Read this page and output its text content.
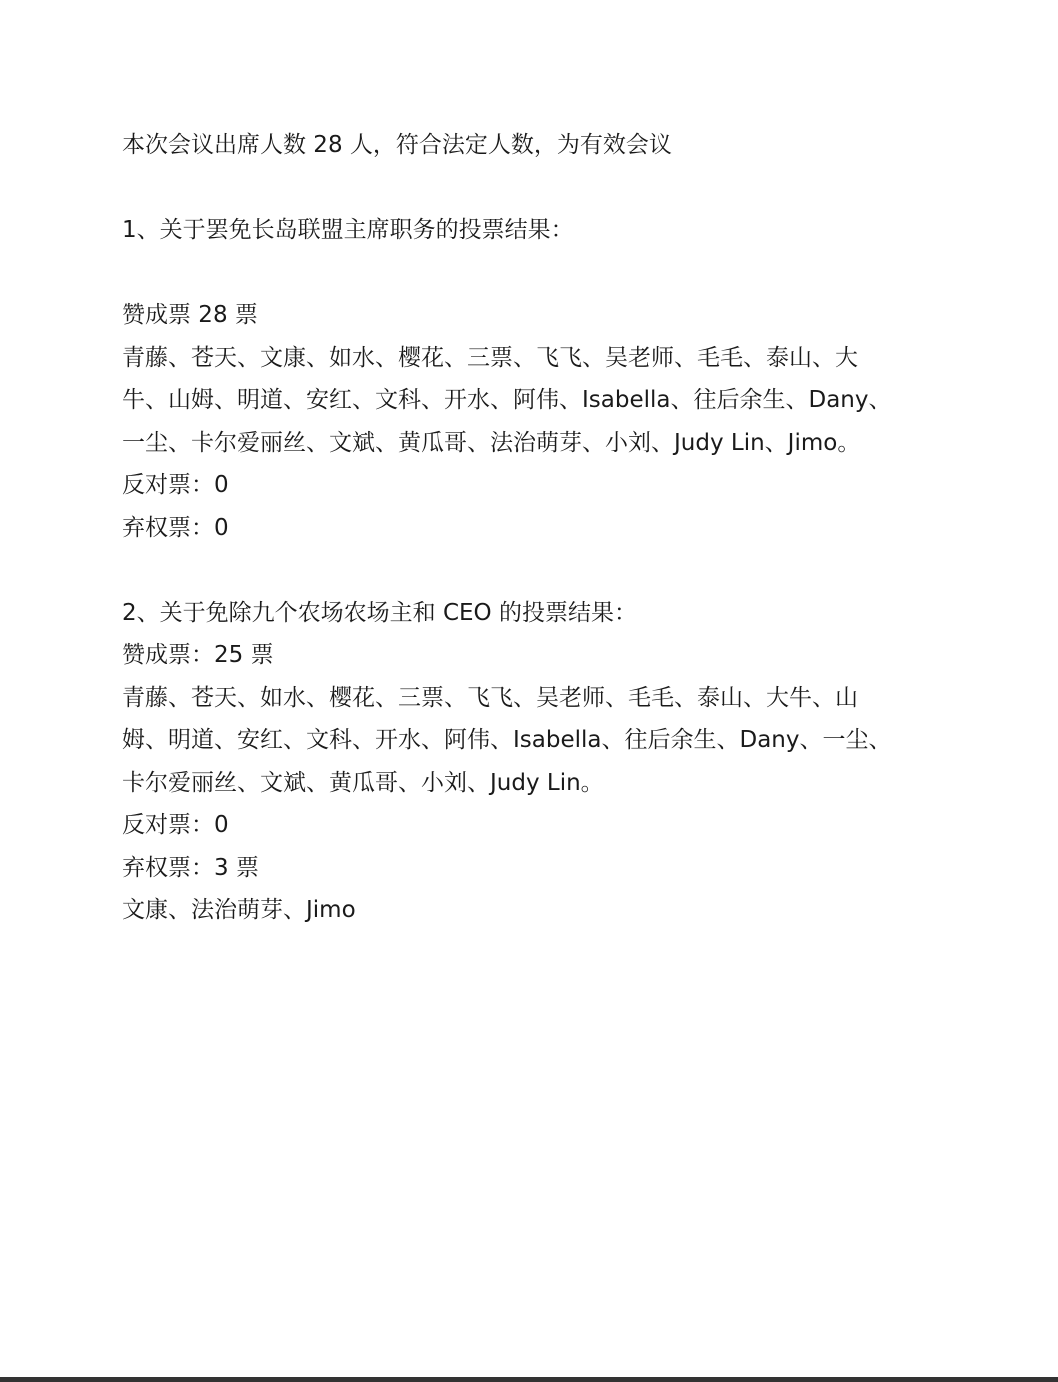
本次会议出席人数 28 人，符合法定人数，为有效会议

1、关于罢免长岛联盟主席职务的投票结果：

赞成票 28 票

青藤、苍天、文康、如水、樱花、三票、飞飞、吴老师、毛毛、泰山、大

牛、山姆、明道、安红、文科、开水、阿伟、Isabella、往后余生、Dany、

一尘、卡尔爱丽丝、文斌、黄瓜哥、法治萌芽、小刘、Judy Lin、Jimo。

反对票：0

弃权票：0

2、关于免除九个农场农场主和 CEO 的投票结果：

赞成票：25 票

青藤、苍天、如水、樱花、三票、飞飞、吴老师、毛毛、泰山、大牛、山

姆、明道、安红、文科、开水、阿伟、Isabella、往后余生、Dany、一尘、

卡尔爱丽丝、文斌、黄瓜哥、小刘、Judy Lin。

反对票：0

弃权票：3 票

文康、法治萌芽、Jimo
